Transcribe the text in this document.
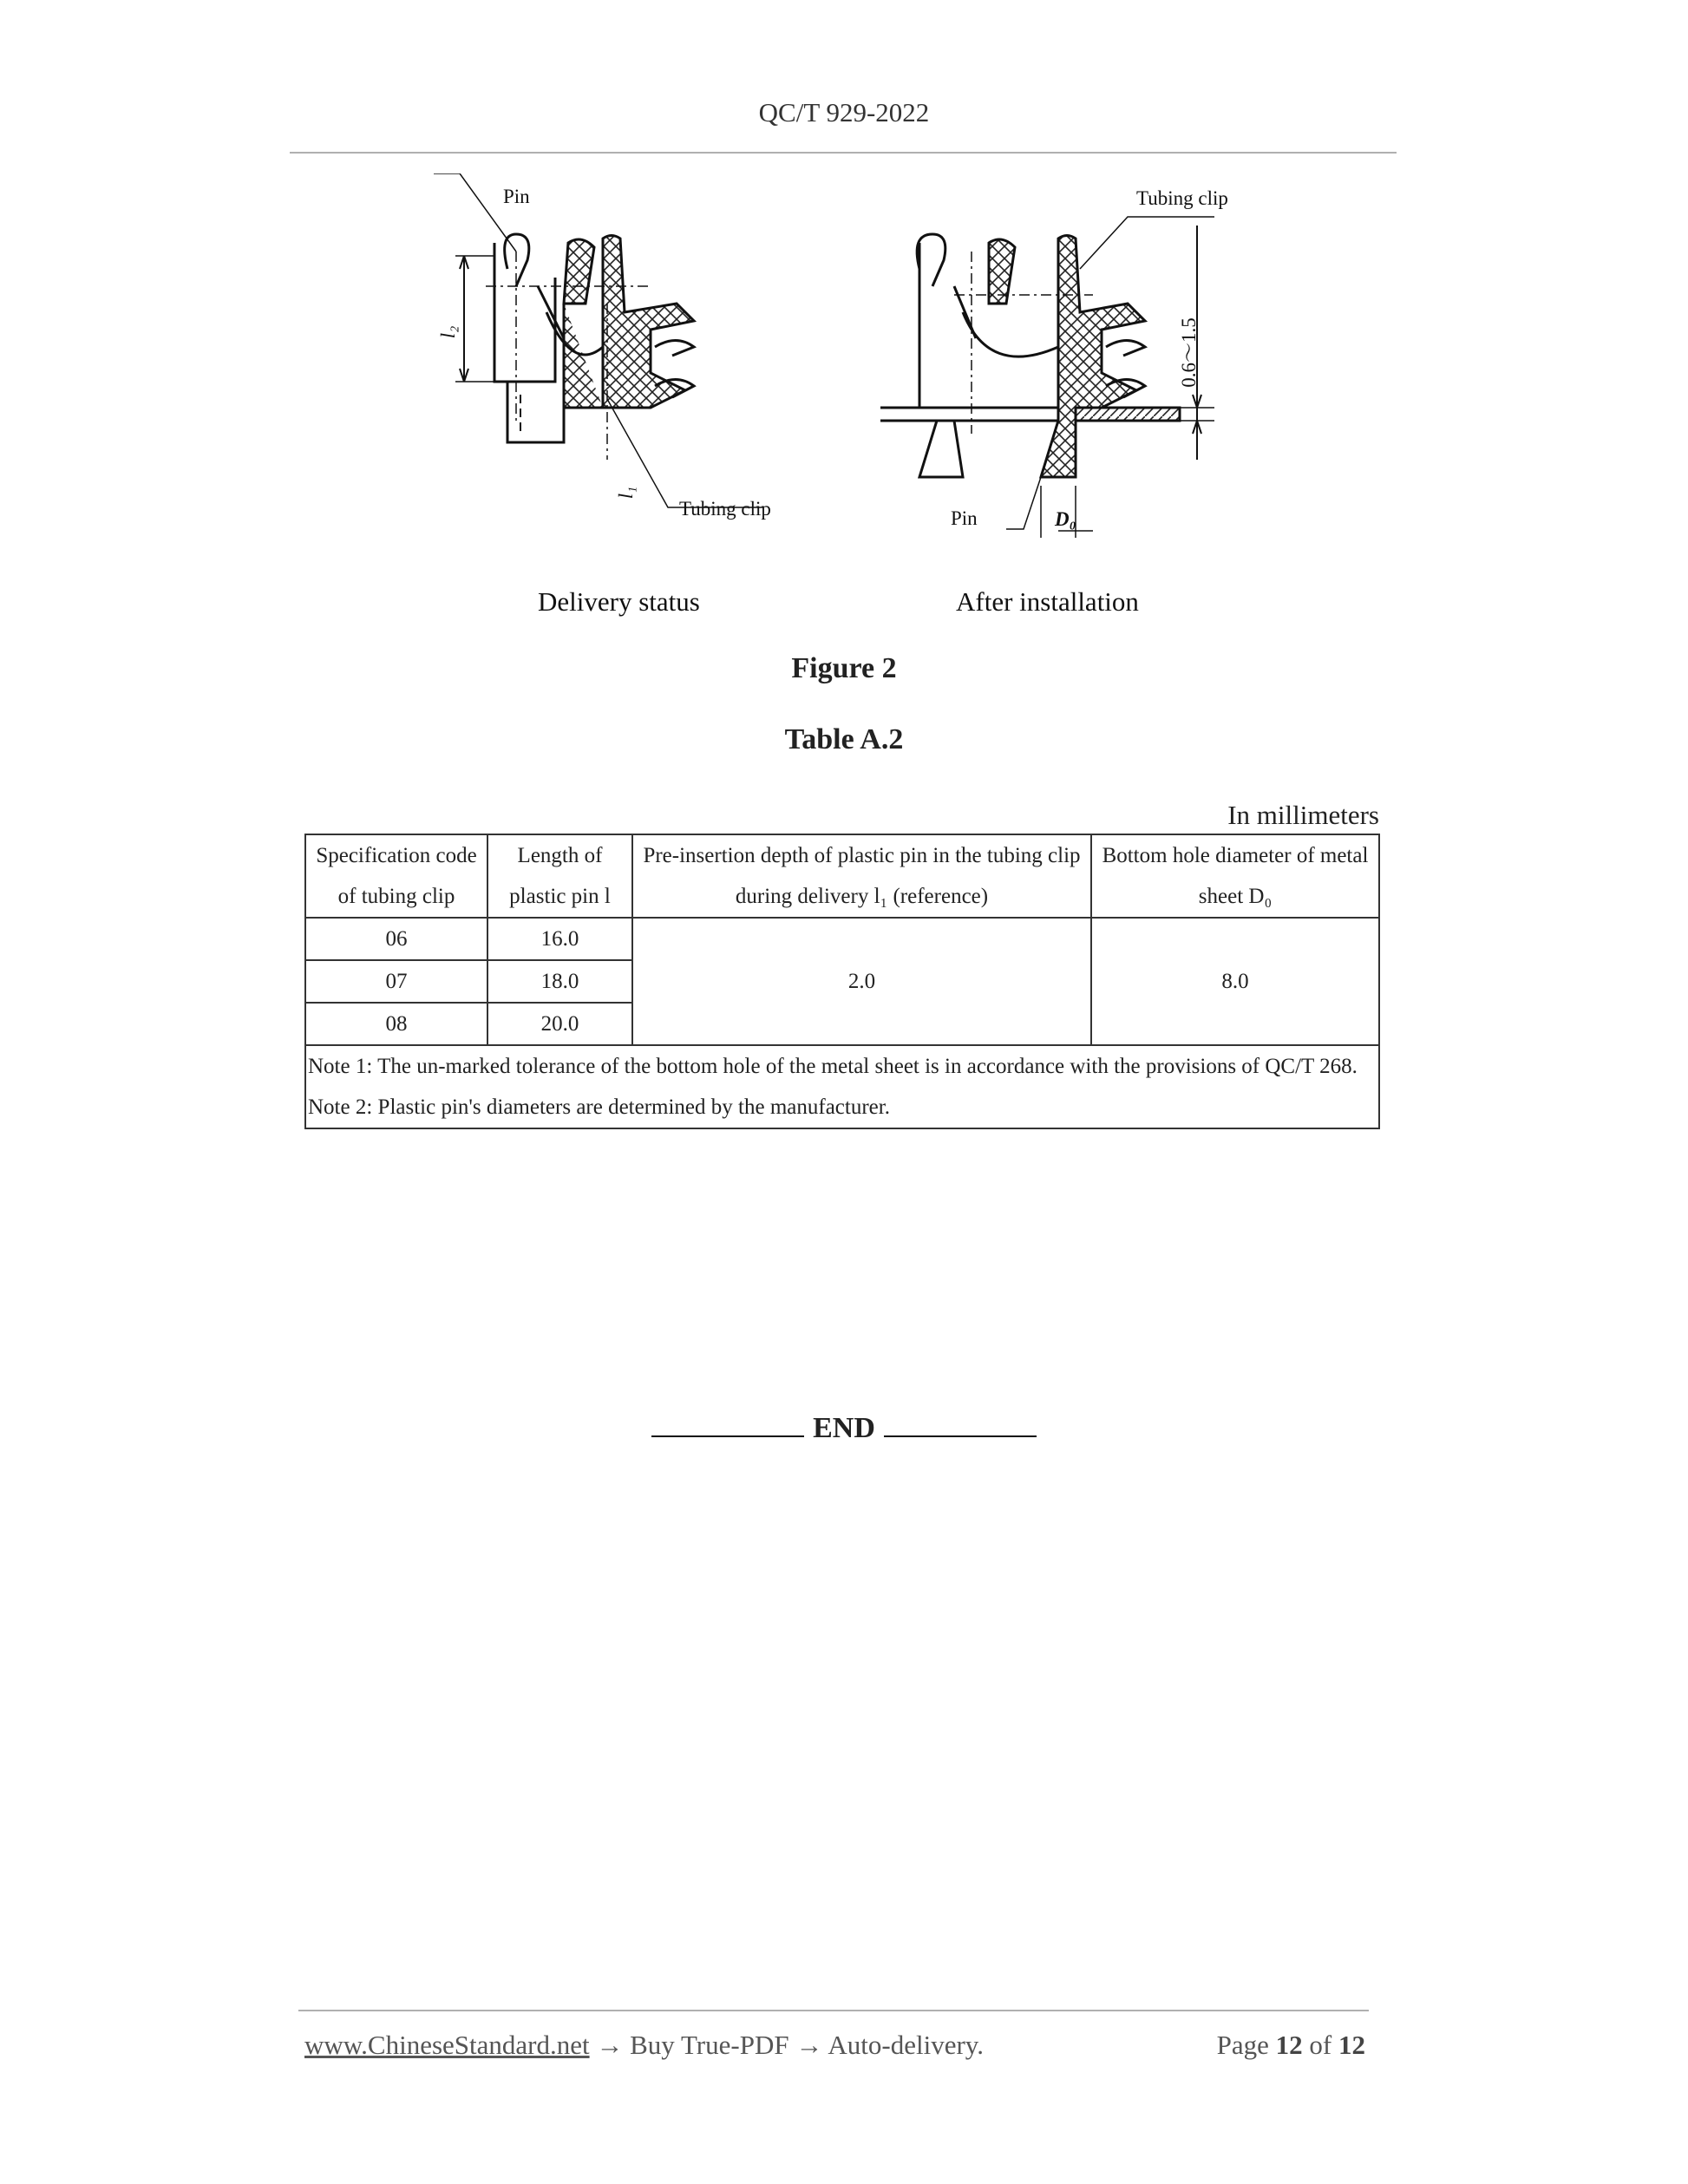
QC/T 929-2022
Pin
l₂
l₁
Tubing clip
Tubing clip
Pin	D₀
0.6～1.5
Delivery status	After installation
Figure 2
Table A.2
In millimeters
Specification code of tubing clip	Length of plastic pin l	Pre-insertion depth of plastic pin in the tubing clip during delivery l₁ (reference)	Bottom hole diameter of metal sheet D₀
06	16.0	2.0	8.0
07	18.0		
08	20.0		

Note 1: The un-marked tolerance of the bottom hole of the metal sheet is in accordance with the provisions of QC/T 268.
Note 2: Plastic pin's diameters are determined by the manufacturer.			
END
www.ChineseStandard.net → Buy True-PDF → Auto-delivery.	Page 12 of 12
